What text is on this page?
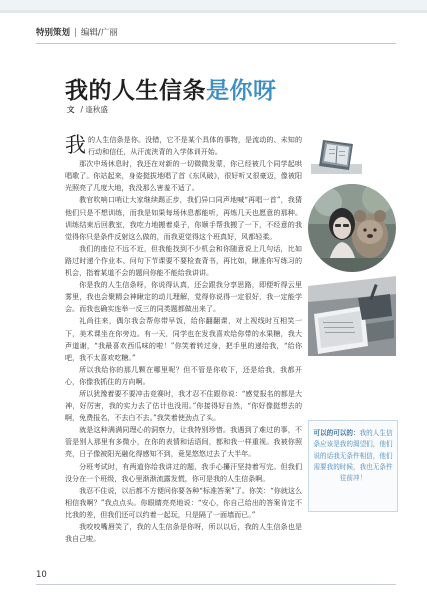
特别策划 | 编辑/广丽
我的人生信条是你呀
文 / 逢秋盛

我的人生信条是你。没错，它不是某个具体的事物，是流动的、未知的行动和信任，从汗流浃背的入学体训开始。

那次中场休息时，我还在对新的一切微微发蒙，你已经被几个同学起哄唱歌了。你站起来，身姿挺拔地唱了首《东风破》，很好听又很豪迈，像被阳光照亮了几度大地，我没那么害羞不适了。

教官吹响口哨让大家继续踢正步，我们异口同声地喊“再唱一首”，我猜他们只是不想训练，而我是如果每场休息都能听，再炼几天也愿意的那种。训练结束后回教室，我吃力地搬着桌子，你顺手帮我搬了一下，不经意的我觉得你只是条件反射这么做的，而我更觉得这个班真好，风都轻柔。

我们的座位不远不近，但我能找到不少机会和你随意说上几句话，比如路过时递个作业本、问句下节课要不要检查背书，再比如，瞅准你写练习的机会，指着某道不会的题问你能不能给我讲讲。

你是我的人生信条呀，你说得认真，还会跟我分享思路，即便听得云里雾里，我也会聚精会神瞅定的动儿理解，觉得你说得一定很好，我一定能学会。而我也确实连举一反三的同类题都做出来了。

礼尚往来，偶尔我会帮你带早饭，给你翻翻课，对上视线时互相笑一下，美术课坐在你旁边。有一天，同学也在发我喜欢给你带的水果糖，我大声道谢，“我最喜欢西瓜味的啦！”你笑着转过身，把手里的递给我，“给你吧，我不太喜欢吃糖。”

所以我给你的那几颗在哪里呢？但不管是你收下，还是给我，我都开心，你像我抓住的方向啊。

所以犹豫着要不要冲击竞赛时，我才忍不住跟你说：“感觉报名的都是大神，好厉害，我的实力去了估计也没用。”你接得好自然，“你好像挺想去的啊，免费报名，不去白不去。”我笑着使劲点了头。

就是这种满满同理心的洞察力，让我特别珍惜。我遇到了难过的事，不管是别人那里有多微小，在你的表情和话语间，都和我一样重视。我被你照亮，日子像被阳光融化得感知不到，竟晃悠悠过去了大半年。

分班考试时，有两道你给我讲过的题，我手心攥汗坚持着写完。但我们没分在一个班级，我心里渐渐流露发慌，你可是我的人生信条啊。

我忍不住说，以后都不方便问你要各种“标准答案”了。你笑：“你就这么相信我啊？”我点点头。你眼睛亮亮地说：“安心，你自己给出的答案肯定不比我的差，但我们还可以约着一起玩，只是隔了一面墙而已。”

我咬咬嘴唇笑了，我的人生信条是你呀，所以以后，我的人生信条也是我自己啦。

可以的可以的：我的人生信条应该是我的渴望们，他们说的话我无条件相信，他们需要我的时候，我也无条件往前冲！
10
